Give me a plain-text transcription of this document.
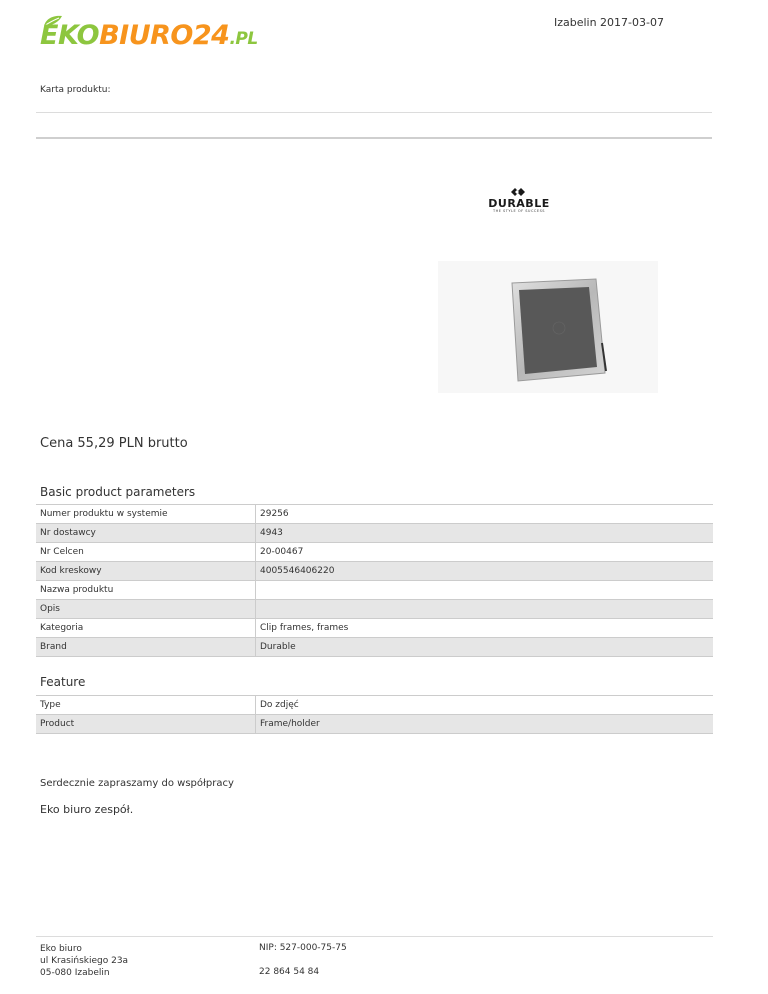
EKOBIURO24.PL
Izabelin 2017-03-07
Karta produktu:
DURABLE
THE STYLE OF SUCCESS
Cena 55,29 PLN brutto
Basic product parameters
Numer produktu w systemie	29256
Nr dostawcy	4943
Nr Celcen	20-00467
Kod kreskowy	4005546406220
Nazwa produktu	
Opis	
Kategoria	Clip frames, frames
Brand	Durable
Feature
Type	Do zdjęć
Product	Frame/holder
Serdecznie zapraszamy do współpracy
Eko biuro zespół.
Eko biuro
ul Krasińskiego 23a
05-080 Izabelin
NIP: 527-000-75-75
22 864 54 84
